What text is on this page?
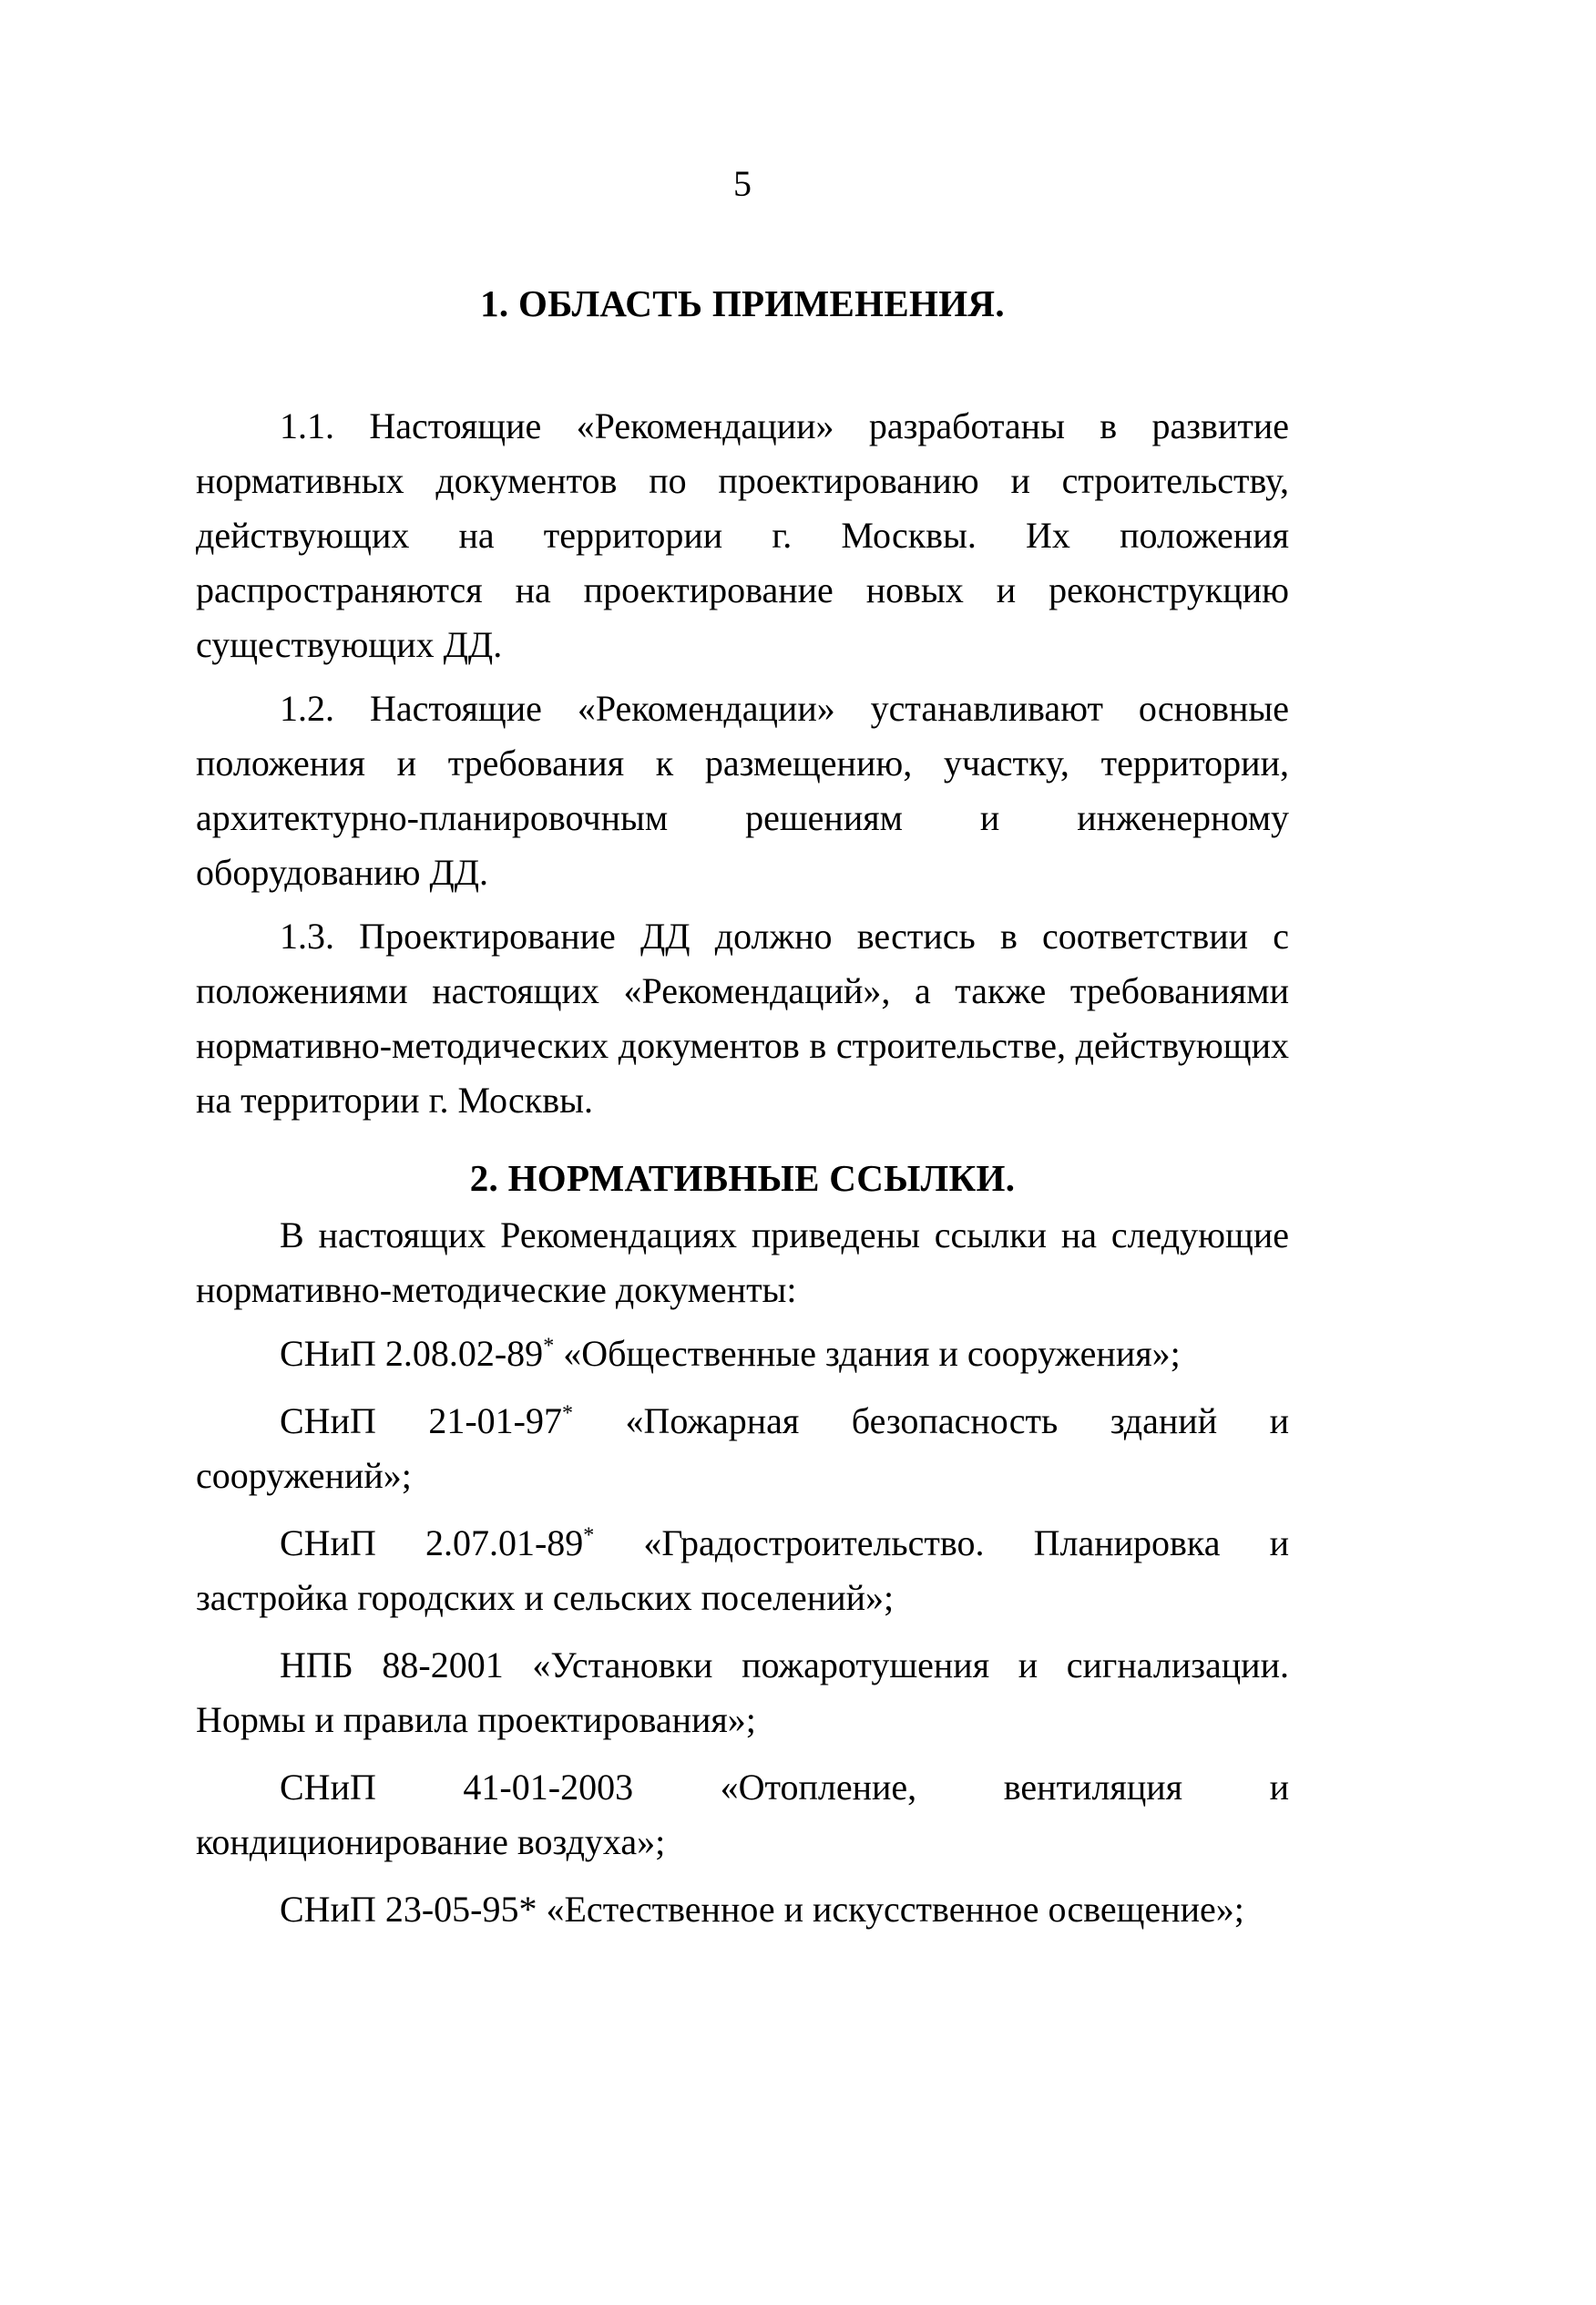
5
1. ОБЛАСТЬ ПРИМЕНЕНИЯ.

1.1. Настоящие «Рекомендации» разработаны в развитие нормативных документов по проектированию и строительству, действующих на территории г. Москвы. Их положения распространяются на проектирование новых и реконструкцию существующих ДД.

1.2. Настоящие «Рекомендации» устанавливают основные положения и требования к размещению, участку, территории, архитектурно-планировочным решениям и инженерному оборудованию ДД.

1.3. Проектирование ДД должно вестись в соответствии с положениями настоящих «Рекомендаций», а также требованиями нормативно-методических документов в строительстве, действующих на территории г. Москвы.

2. НОРМАТИВНЫЕ ССЫЛКИ.

В настоящих Рекомендациях приведены ссылки на следующие нормативно-методические документы:

СНиП 2.08.02-89* «Общественные здания и сооружения»;

СНиП 21-01-97* «Пожарная безопасность зданий и сооружений»;

СНиП 2.07.01-89* «Градостроительство. Планировка и застройка городских и сельских поселений»;

НПБ 88-2001 «Установки пожаротушения и сигнализации. Нормы и правила проектирования»;

СНиП 41-01-2003 «Отопление, вентиляция и кондиционирование воздуха»;

СНиП 23-05-95* «Естественное и искусственное освещение»;
